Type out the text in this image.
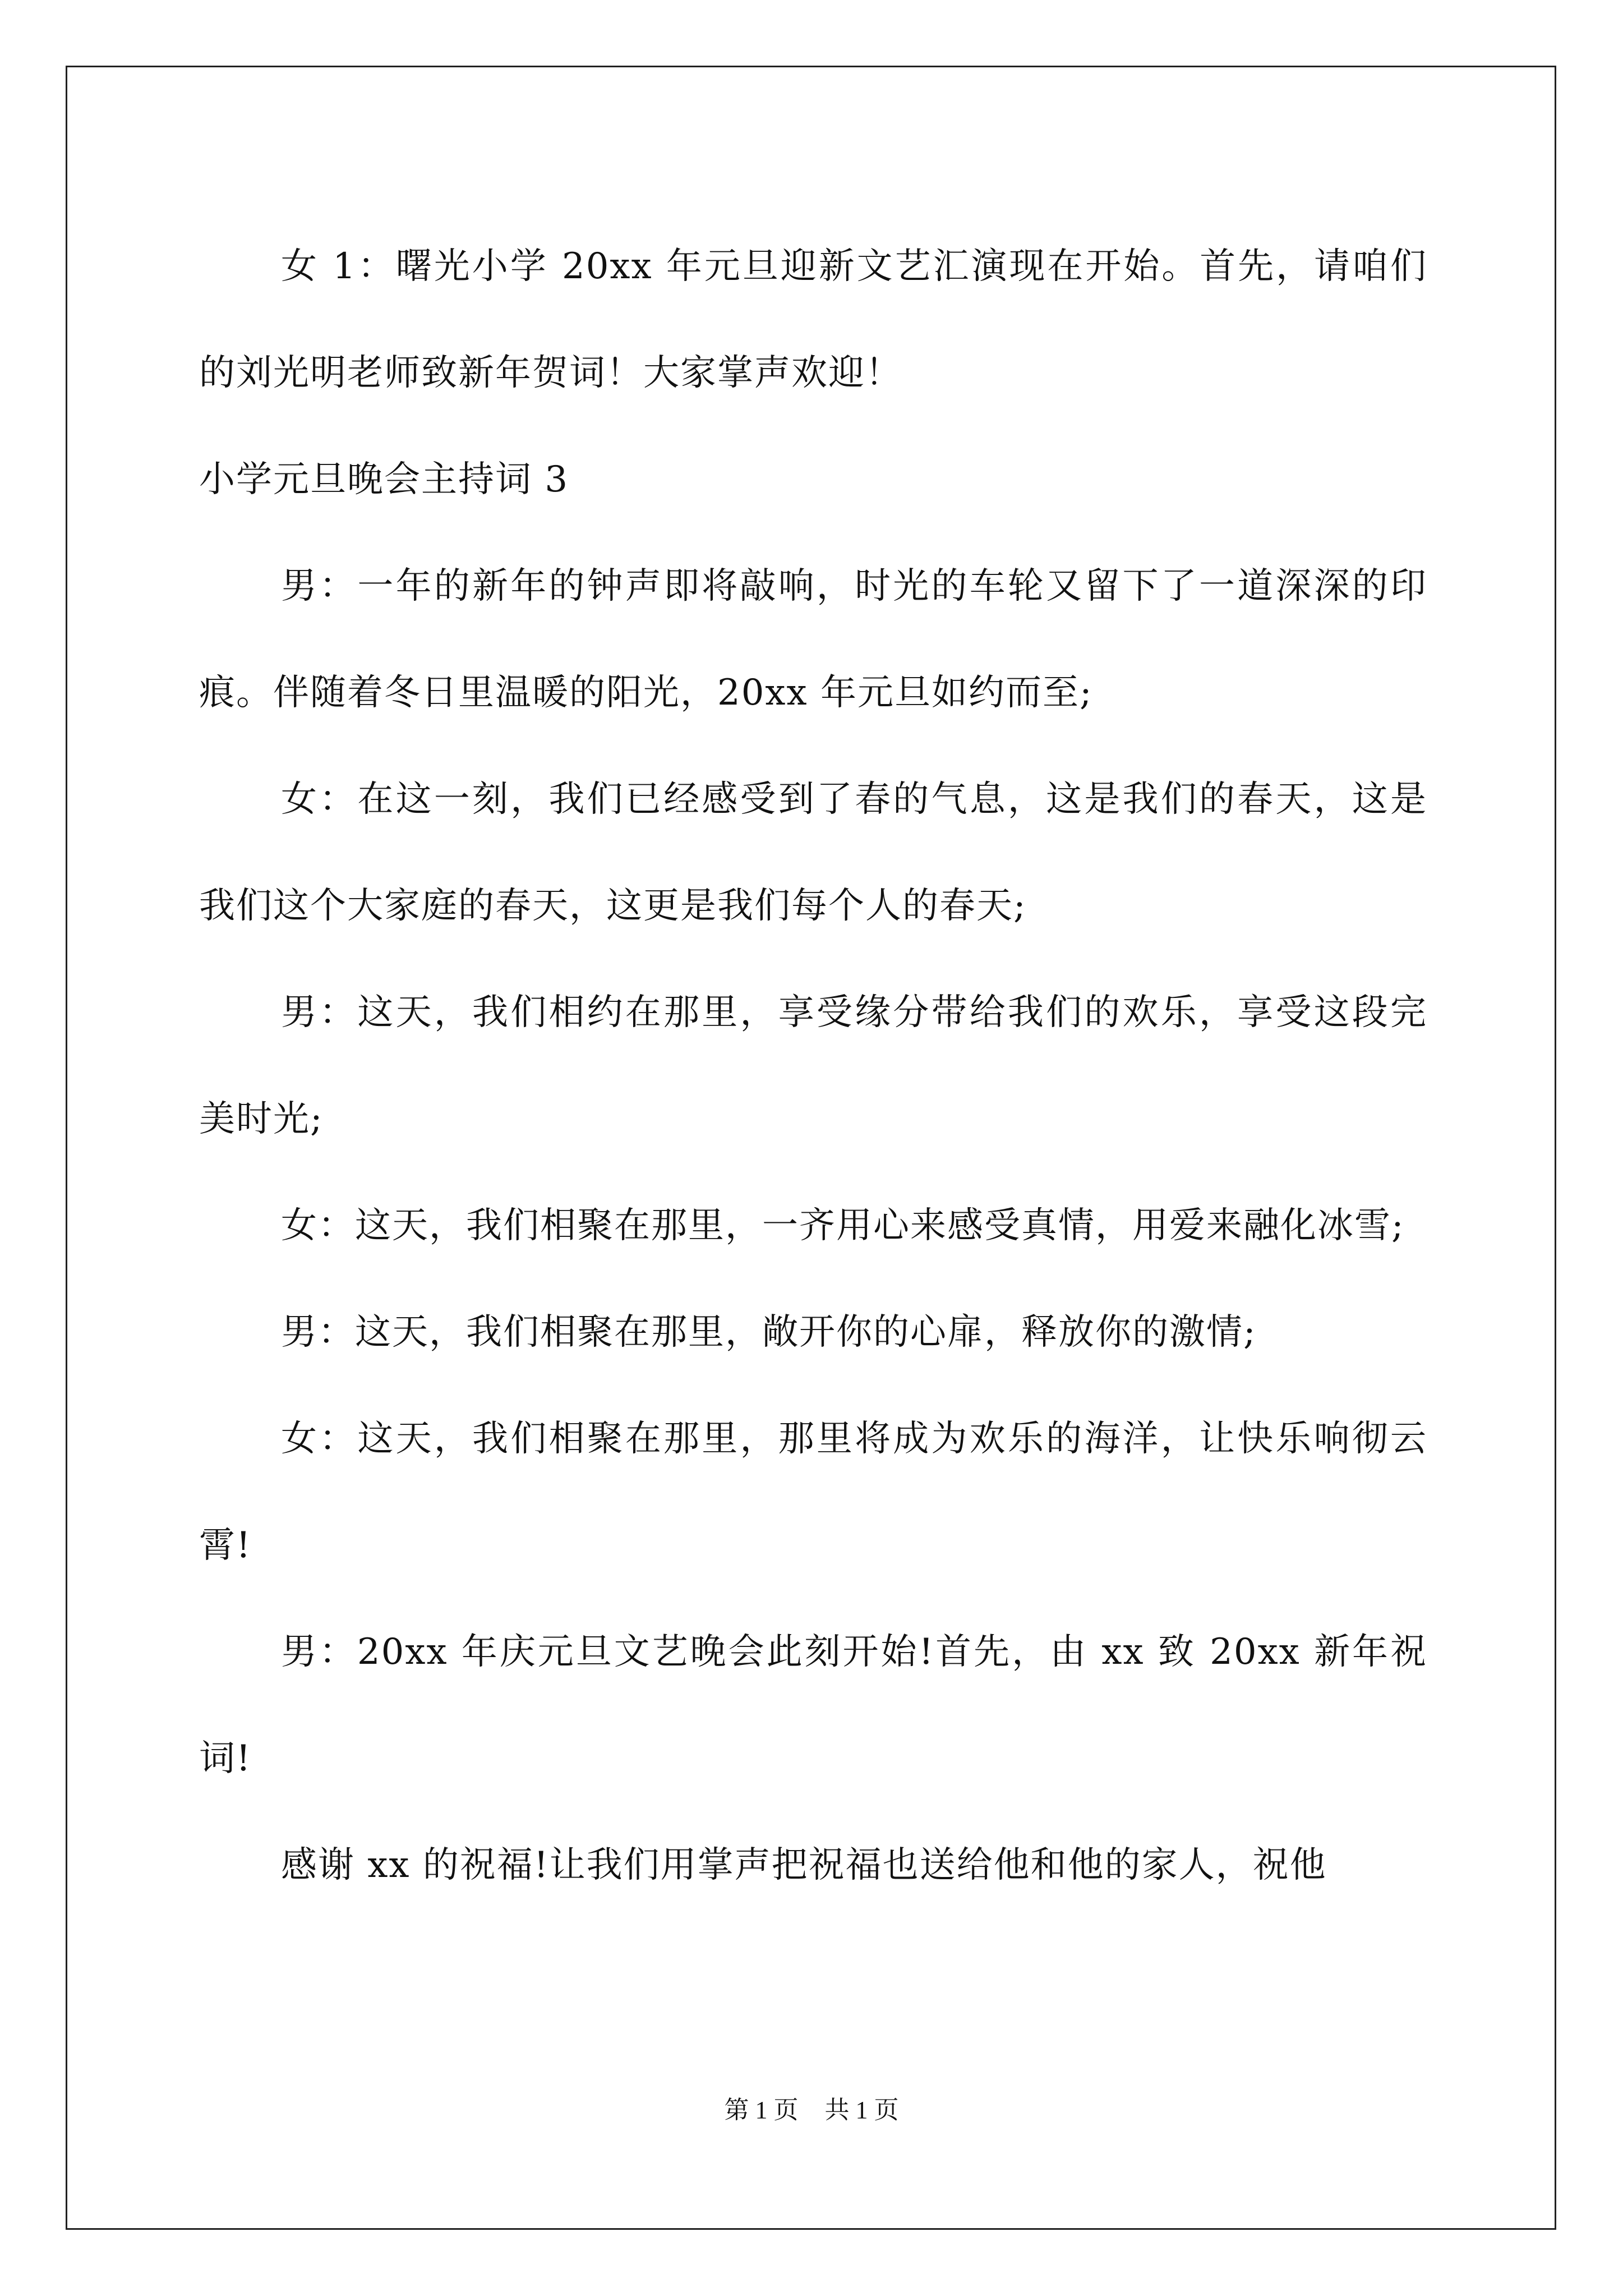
女 1：曙光小学 20xx 年元旦迎新文艺汇演现在开始。首先，请咱们的刘光明老师致新年贺词！大家掌声欢迎！

小学元旦晚会主持词 3

男：一年的新年的钟声即将敲响，时光的车轮又留下了一道深深的印痕。伴随着冬日里温暖的阳光，20xx 年元旦如约而至;

女：在这一刻，我们已经感受到了春的气息，这是我们的春天，这是我们这个大家庭的春天，这更是我们每个人的春天;

男：这天，我们相约在那里，享受缘分带给我们的欢乐，享受这段完美时光;

女：这天，我们相聚在那里，一齐用心来感受真情，用爱来融化冰雪;

男：这天，我们相聚在那里，敞开你的心扉，释放你的激情;

女：这天，我们相聚在那里，那里将成为欢乐的海洋，让快乐响彻云霄!

男：20xx 年庆元旦文艺晚会此刻开始!首先，由 xx 致 20xx 新年祝词!

感谢 xx 的祝福!让我们用掌声把祝福也送给他和他的家人，祝他

第 1 页 共 1 页
